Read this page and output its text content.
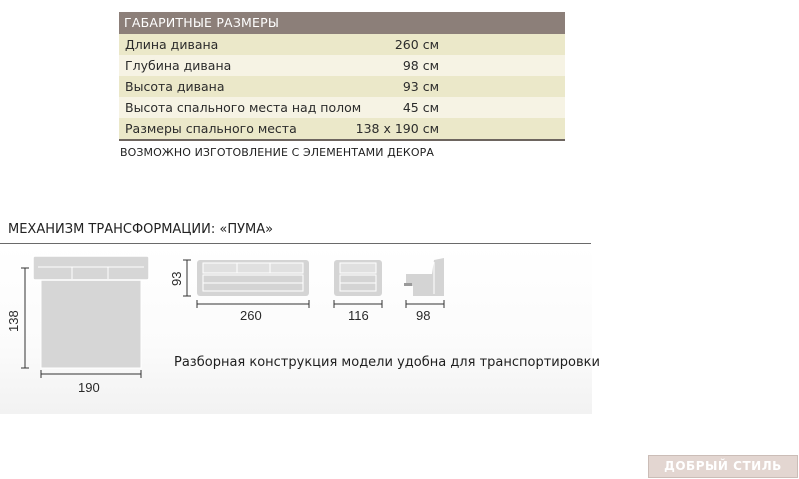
ГАБАРИТНЫЕ РАЗМЕРЫ
Длина дивана	260 см
Глубина дивана	98 см
Высота дивана	93 см
Высота спального места над полом	45 см
Размеры спального места	138 x 190 см
ВОЗМОЖНО ИЗГОТОВЛЕНИЕ С ЭЛЕМЕНТАМИ ДЕКОРА
МЕХАНИЗМ ТРАНСФОРМАЦИИ: «ПУМА»
138
190
93
260	116	98
Разборная конструкция модели удобна для транспортировки
ДОБРЫЙ СТИЛЬ
